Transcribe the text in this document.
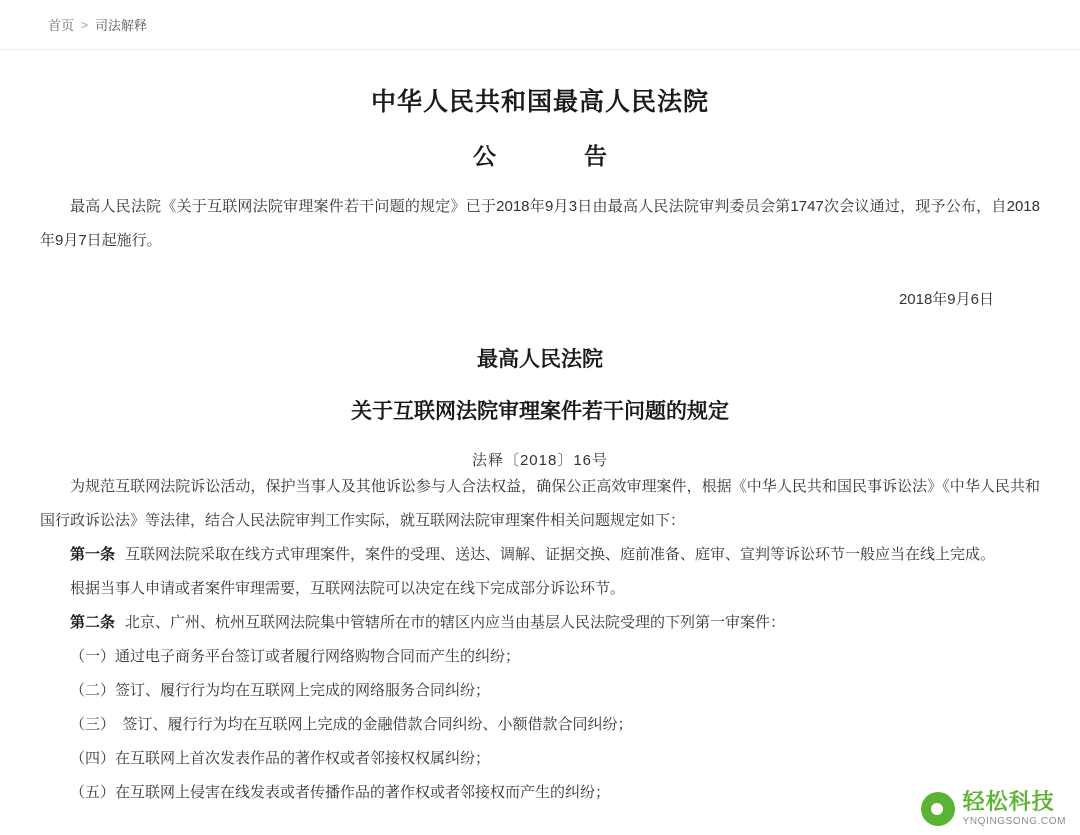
首页 > 司法解释
中华人民共和国最高人民法院
公　　告

最高人民法院《关于互联网法院审理案件若干问题的规定》已于2018年9月3日由最高人民法院审判委员会第1747次会议通过，现予公布，自2018年9月7日起施行。

2018年9月6日
最高人民法院
关于互联网法院审理案件若干问题的规定
法释〔2018〕16号

为规范互联网法院诉讼活动，保护当事人及其他诉讼参与人合法权益，确保公正高效审理案件，根据《中华人民共和国民事诉讼法》《中华人民共和国行政诉讼法》等法律，结合人民法院审判工作实际，就互联网法院审理案件相关问题规定如下：

第一条 互联网法院采取在线方式审理案件，案件的受理、送达、调解、证据交换、庭前准备、庭审、宣判等诉讼环节一般应当在线上完成。

根据当事人申请或者案件审理需要，互联网法院可以决定在线下完成部分诉讼环节。

第二条 北京、广州、杭州互联网法院集中管辖所在市的辖区内应当由基层人民法院受理的下列第一审案件：

（一）通过电子商务平台签订或者履行网络购物合同而产生的纠纷；

（二）签订、履行行为均在互联网上完成的网络服务合同纠纷；

（三）　签订、履行行为均在互联网上完成的金融借款合同纠纷、小额借款合同纠纷；

（四）在互联网上首次发表作品的著作权或者邻接权权属纠纷；

（五）在互联网上侵害在线发表或者传播作品的著作权或者邻接权而产生的纠纷；	轻松科技
YNQINGSONG.COM
